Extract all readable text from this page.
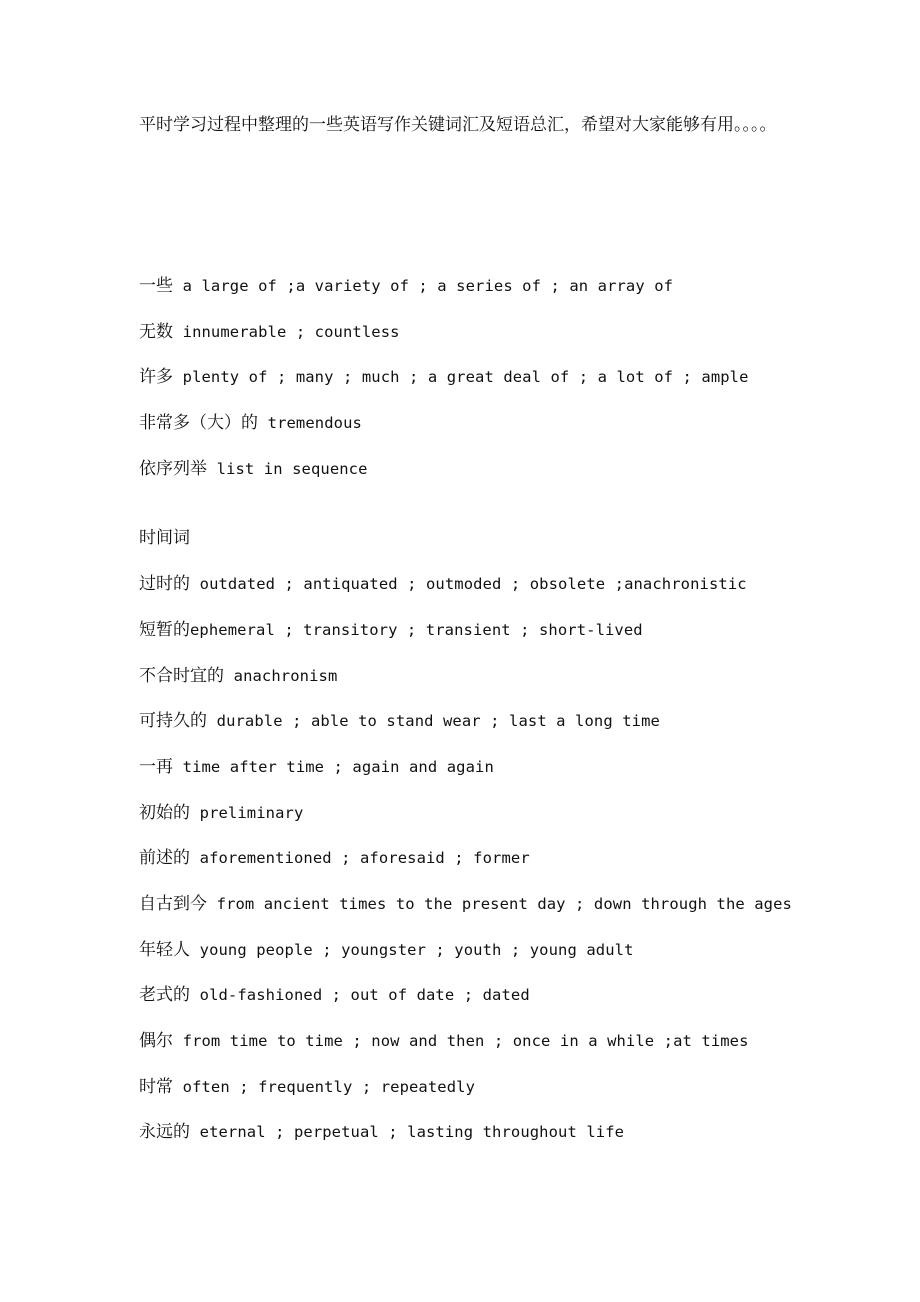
平时学习过程中整理的一些英语写作关键词汇及短语总汇，希望对大家能够有用。。。。

一些 a large of ;a variety of ; a series of ; an array of
无数 innumerable ; countless
许多 plenty of ; many ; much ; a great deal of ; a lot of ; ample
非常多（大）的 tremendous
依序列举 list in sequence
时间词
过时的 outdated ; antiquated ; outmoded ; obsolete ;anachronistic
短暂的ephemeral ; transitory ; transient ; short-lived
不合时宜的 anachronism
可持久的 durable ; able to stand wear ; last a long time
一再 time after time ; again and again
初始的 preliminary
前述的 aforementioned ; aforesaid ; former
自古到今 from ancient times to the present day ; down through the ages
年轻人 young people ; youngster ; youth ; young adult
老式的 old-fashioned ; out of date ; dated
偶尔 from time to time ; now and then ; once in a while ;at times
时常 often ; frequently ; repeatedly
永远的 eternal ; perpetual ; lasting throughout life
